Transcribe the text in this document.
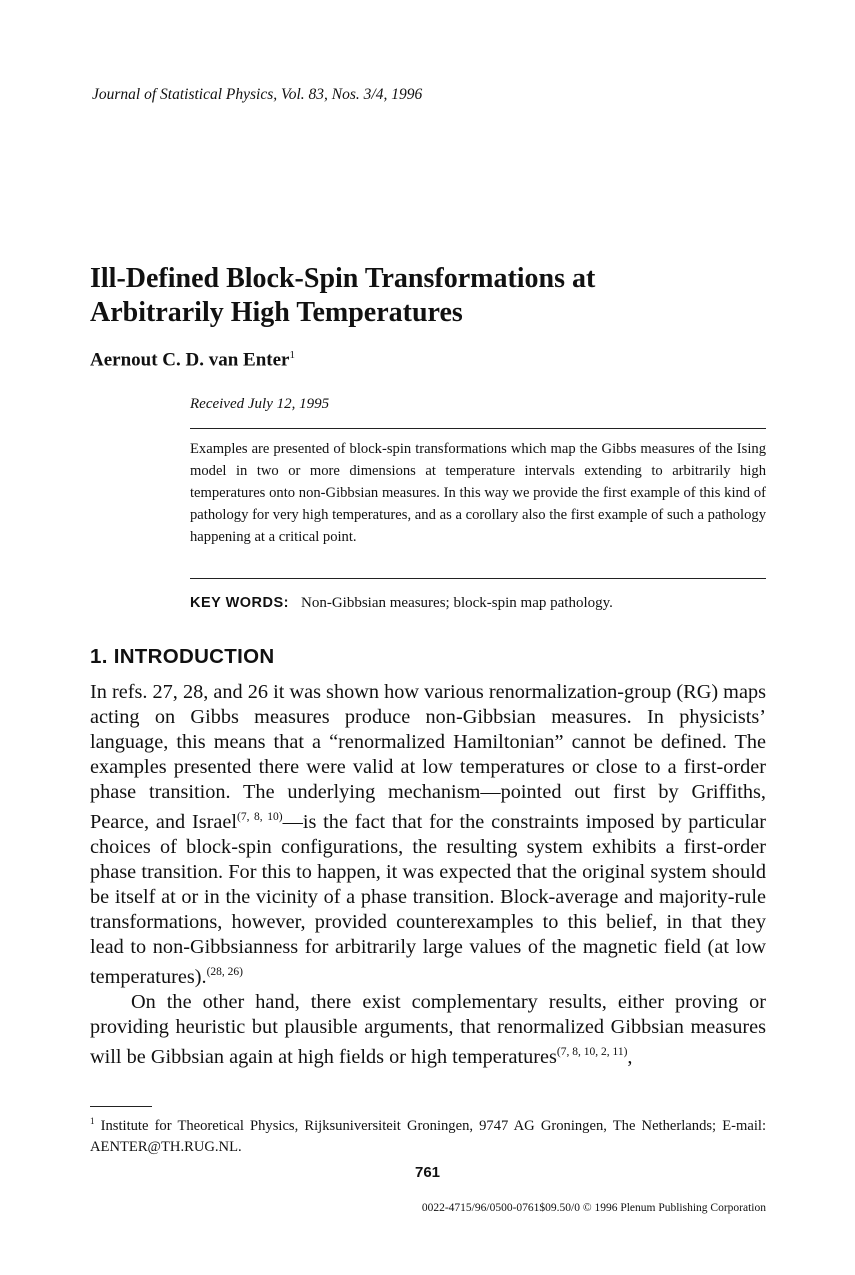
Journal of Statistical Physics, Vol. 83, Nos. 3/4, 1996
Ill-Defined Block-Spin Transformations at
Arbitrarily High Temperatures
Aernout C. D. van Enter$^1$
Received July 12, 1995
Examples are presented of block-spin transformations which map the Gibbs measures of the Ising model in two or more dimensions at temperature intervals extending to arbitrarily high temperatures onto non-Gibbsian measures. In this way we provide the first example of this kind of pathology for very high temperatures, and as a corollary also the first example of such a pathology happening at a critical point.
KEY WORDS: Non-Gibbsian measures; block-spin map pathology.
1. INTRODUCTION

In refs. 27, 28, and 26 it was shown how various renormalization-group (RG) maps acting on Gibbs measures produce non-Gibbsian measures. In physicists’ language, this means that a “renormalized Hamiltonian” cannot be defined. The examples presented there were valid at low temperatures or close to a first-order phase transition. The underlying mechanism—pointed out first by Griffiths, Pearce, and Israel$^{(7, 8, 10)}$—is the fact that for the constraints imposed by particular choices of block-spin configurations, the resulting system exhibits a first-order phase transition. For this to happen, it was expected that the original system should be itself at or in the vicinity of a phase transition. Block-average and majority-rule transformations, however, provided counterexamples to this belief, in that they lead to non-Gibbsianness for arbitrarily large values of the magnetic field (at low temperatures).$^{(28, 26)}$

On the other hand, there exist complementary results, either proving or providing heuristic but plausible arguments, that renormalized Gibbsian measures will be Gibbsian again at high fields or high temperatures$^{(7, 8, 10, 2, 11)}$,

$^1$ Institute for Theoretical Physics, Rijksuniversiteit Groningen, 9747 AG Groningen, The Netherlands; E-mail: AENTER@TH.RUG.NL.
761
0022-4715/96/0500-0761$09.50/0 © 1996 Plenum Publishing Corporation
